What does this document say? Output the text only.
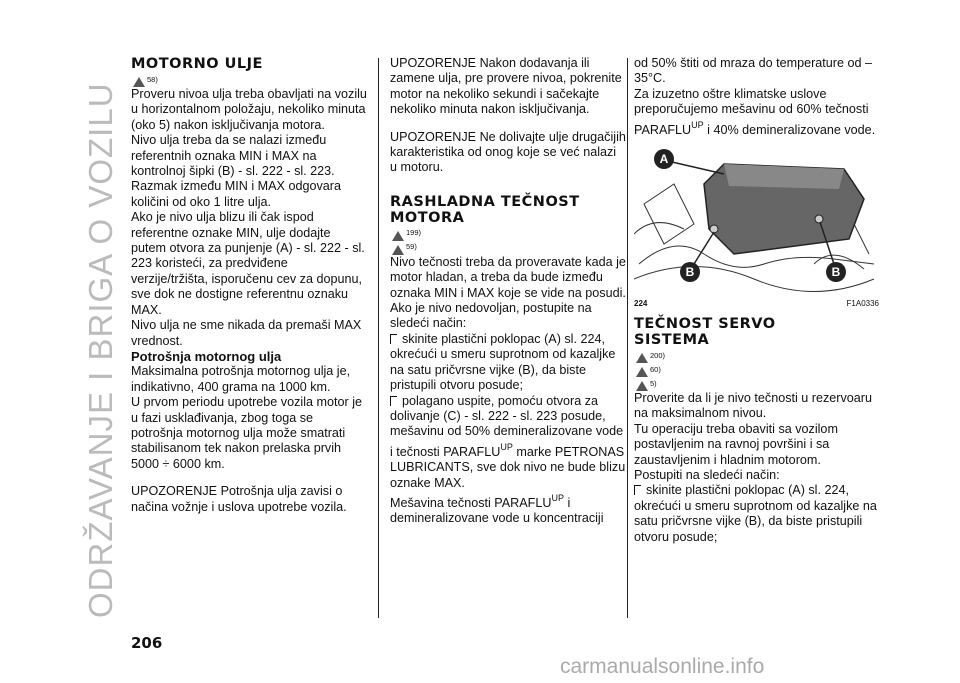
ODRŽAVANJE I BRIGA O VOZILU
MOTORNO ULJE
58)

Proveru nivoa ulja treba obavljati na vozilu u horizontalnom položaju, nekoliko minuta (oko 5) nakon isključivanja motora.

Nivo ulja treba da se nalazi između referentnih oznaka MIN i MAX na kontrolnoj šipki (B) - sl. 222 - sl. 223.

Razmak između MIN i MAX odgovara količini od oko 1 litre ulja.

Ako je nivo ulja blizu ili čak ispod referentne oznake MIN, ulje dodajte putem otvora za punjenje (A) - sl. 222 - sl. 223 koristeći, za predviđene verzije/tržišta, isporučenu cev za dopunu, sve dok ne dostigne referentnu oznaku MAX.

Nivo ulja ne sme nikada da premaši MAX vrednost.

Potrošnja motornog ulja

Maksimalna potrošnja motornog ulja je, indikativno, 400 grama na 1000 km.

U prvom periodu upotrebe vozila motor je u fazi usklađivanja, zbog toga se potrošnja motornog ulja može smatrati stabilisanom tek nakon prelaska prvih 5000 ÷ 6000 km.

UPOZORENJE Potrošnja ulja zavisi o načina vožnje i uslova upotrebe vozila.

UPOZORENJE Nakon dodavanja ili zamene ulja, pre provere nivoa, pokrenite motor na nekoliko sekundi i sačekajte nekoliko minuta nakon isključivanja.

UPOZORENJE Ne dolivajte ulje drugačijih karakteristika od onog koje se već nalazi u motoru.

RASHLADNA TEČNOST MOTORA
199)
59)

Nivo tečnosti treba da proveravate kada je motor hladan, a treba da bude između oznaka MIN i MAX koje se vide na posudi.

Ako je nivo nedovoljan, postupite na sledeći način:

skinite plastični poklopac (A) sl. 224, okrećući u smeru suprotnom od kazaljke na satu pričvrsne vijke (B), da biste pristupili otvoru posude;

polagano uspite, pomoću otvora za dolivanje (C) - sl. 222 - sl. 223 posude, mešavinu od 50% demineralizovane vode i tečnosti $PARAFLU^{UP}$ marke PETRONAS LUBRICANTS, sve dok nivo ne bude blizu oznake MAX.

Mešavina tečnosti $PARAFLU^{UP}$ i demineralizovane vode u koncentraciji

od 50% štiti od mraza do temperature od –35°C.

Za izuzetno oštre klimatske uslove preporučujemo mešavinu od 60% tečnosti $PARAFLU^{UP}$ i 40% demineralizovane vode.

A
B	B
224	F1A0336
TEČNOST SERVO SISTEMA
200)
60)
5)

Proverite da li je nivo tečnosti u rezervoaru na maksimalnom nivou.

Tu operaciju treba obaviti sa vozilom postavljenim na ravnoj površini i sa zaustavljenim i hladnim motorom.

Postupiti na sledeći način:

skinite plastični poklopac (A) sl. 224, okrećući u smeru suprotnom od kazaljke na satu pričvrsne vijke (B), da biste pristupili otvoru posude;

206
carmanualsonline.info
